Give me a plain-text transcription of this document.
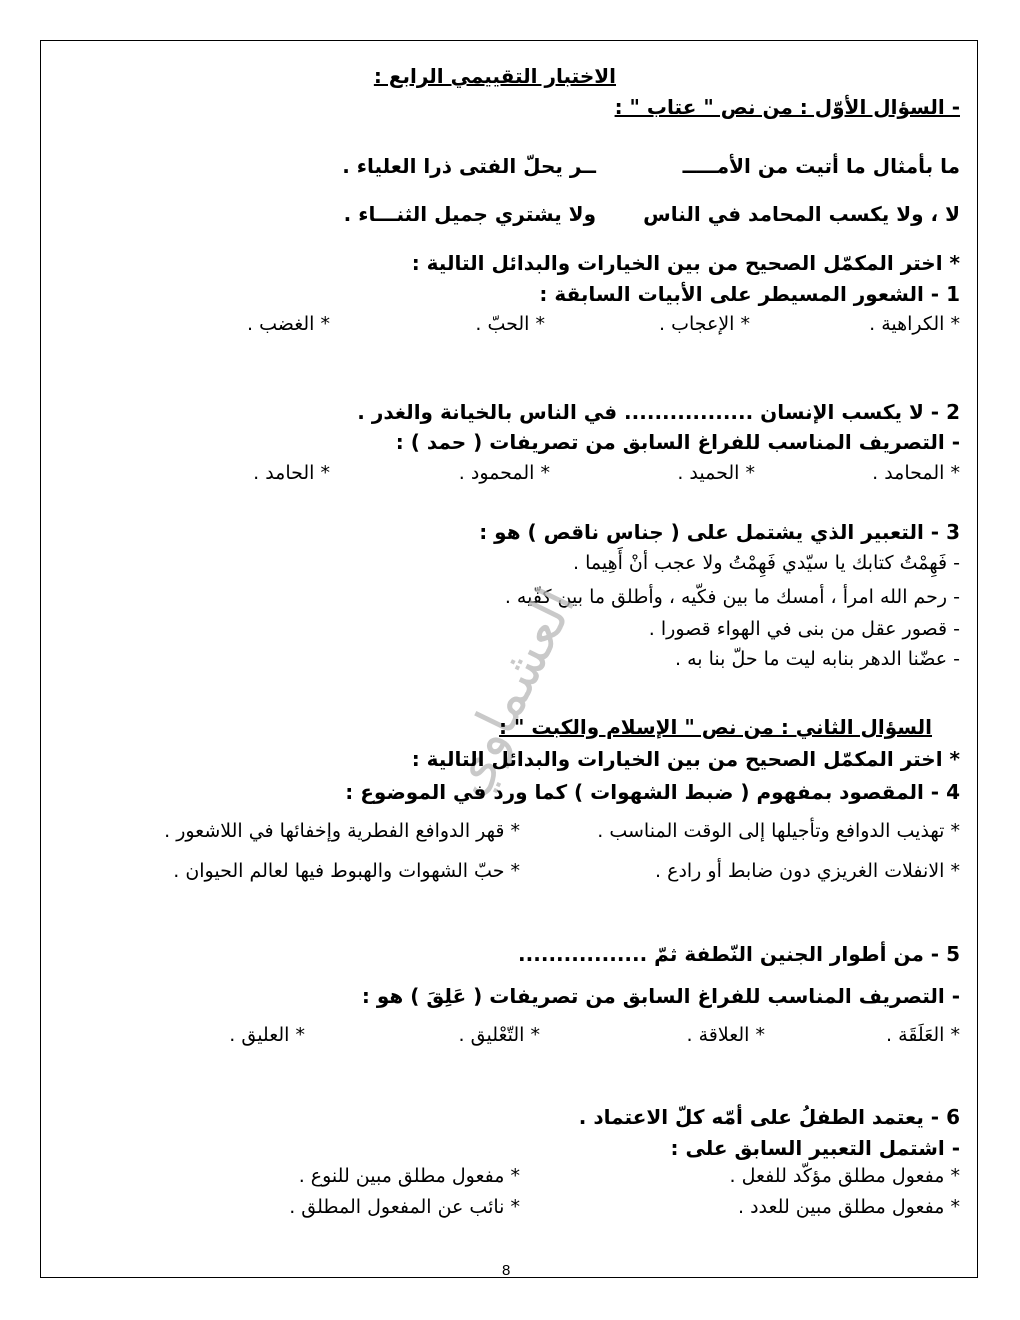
الاختبار التقييمي الرابع :
- السؤال الأوّل : من نص " عتاب " :
ما بأمثال ما أتيت من الأمـــــ
ــر يحلّ الفتى ذرا العلياء .
لا ، ولا يكسب المحامد في الناس
ولا يشتري جميل الثنـــاء .
* اختر المكمّل الصحيح من بين الخيارات والبدائل التالية :
1 - الشعور المسيطر على الأبيات السابقة :
* الكراهية .
* الإعجاب .
* الحبّ .
* الغضب .
2 - لا يكسب الإنسان ................. في الناس بالخيانة والغدر .
- التصريف المناسب للفراغ السابق من تصريفات ( حمد ) :
* المحامد .
* الحميد .
* المحمود .
* الحامد .
3 - التعبير الذي يشتمل على ( جناس ناقص ) هو :
- فَهِمْتُ كتابك يا سيّدي فَهِمْتُ ولا عجب أنْ أَهِيما .
- رحم الله امرأ ، أمسك ما بين فكّيه ، وأطلق ما بين كفّيه .
- قصور عقل من بنى في الهواء قصورا .
- عضّنا الدهر بنابه ليت ما حلّ بنا به .
العشماوي
السؤال الثاني : من نص " الإسلام والكبت " :
* اختر المكمّل الصحيح من بين الخيارات والبدائل التالية :
4 - المقصود بمفهوم ( ضبط الشهوات ) كما ورد في الموضوع :
* تهذيب الدوافع وتأجيلها إلى الوقت المناسب .
* قهر الدوافع الفطرية وإخفائها في اللاشعور .
* الانفلات الغريزي دون ضابط أو رادع .
* حبّ الشهوات والهبوط فيها لعالم الحيوان .
5 - من أطوار الجنين النّطفة ثمّ .................
- التصريف المناسب للفراغ السابق من تصريفات ( عَلِقَ ) هو :
* العَلَقَة .
* العلاقة .
* التّعْليق .
* العليق .
6 - يعتمد الطفلُ على أمّه كلّ الاعتماد .
- اشتمل التعبير السابق على :
* مفعول مطلق مؤكّد للفعل .
* مفعول مطلق مبين للنوع .
* مفعول مطلق مبين للعدد .
* نائب عن المفعول المطلق .
8
